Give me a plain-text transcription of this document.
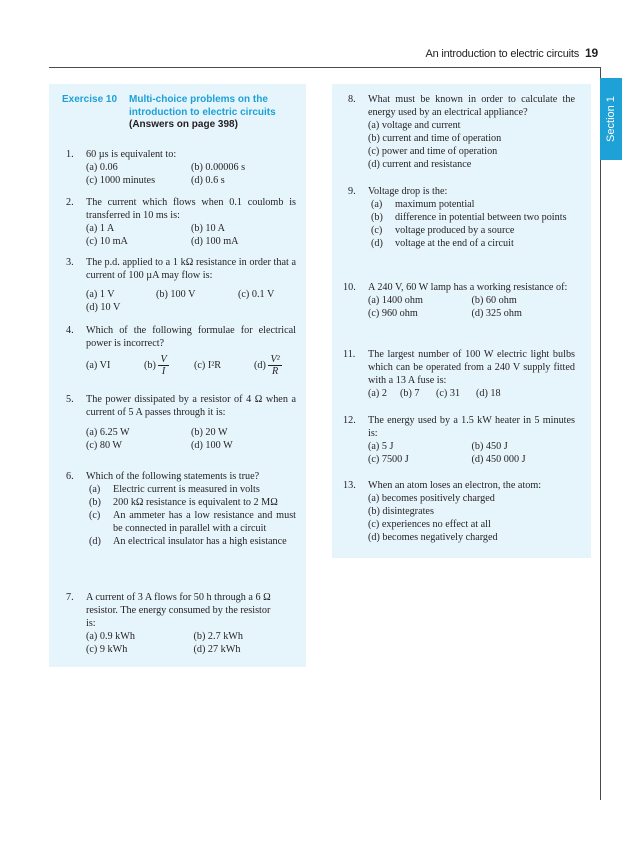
An introduction to electric circuits 19
Section 1
Exercise 10 Multi-choice problems on the introduction to electric circuits
(Answers on page 398)
1. 60 µs is equivalent to:
(a) 0.06	(b) 0.00006 s
(c) 1000 minutes	(d) 0.6 s
2. The current which flows when 0.1 coulomb is transferred in 10 ms is:
(a) 1 A	(b) 10 A
(c) 10 mA	(d) 100 mA
3. The p.d. applied to a 1 kΩ resistance in order that a current of 100 µA may flow is:
(a) 1 V	(b) 100 V	(c) 0.1 V
(d) 10 V
4. Which of the following formulae for electrical power is incorrect?
(a) VI	$(b) \frac{V}{I} (c)$ I²R	$(d) \frac{\text{V²}}{R}$
5. The power dissipated by a resistor of 4 Ω when a current of 5 A passes through it is:
(a) 6.25 W	(b) 20 W
(c) 80 W	(d) 100 W
6. Which of the following statements is true?
(a)	Electric current is measured in volts
(b)	200 kΩ resistance is equivalent to 2 MΩ
(c)	An ammeter has a low resistance and must be connected in parallel with a circuit
(d)	An electrical insulator has a high esistance
7. A current of 3 A flows for 50 h through a 6 Ω resistor. The energy consumed by the resistor is:
(a) 0.9 kWh	(b) 2.7 kWh
(c) 9 kWh	(d) 27 kWh
8. What must be known in order to calculate the energy used by an electrical appliance?
(a) voltage and current
(b) current and time of operation
(c) power and time of operation
(d) current and resistance
9. Voltage drop is the:
(a)	maximum potential
(b)	difference in potential between two points
(c)	voltage produced by a source
(d)	voltage at the end of a circuit
10. A 240 V, 60 W lamp has a working resistance of:
(a) 1400 ohm	(b) 60 ohm
(c) 960 ohm	(d) 325 ohm
11. The largest number of 100 W electric light bulbs which can be operated from a 240 V supply fitted with a 13 A fuse is:
(a) 2	(b) 7	(c) 31	(d) 18
12. The energy used by a 1.5 kW heater in 5 minutes is:
(a) 5 J	(b) 450 J
(c) 7500 J	(d) 450 000 J
13. When an atom loses an electron, the atom:
(a) becomes positively charged
(b) disintegrates
(c) experiences no effect at all
(d) becomes negatively charged
